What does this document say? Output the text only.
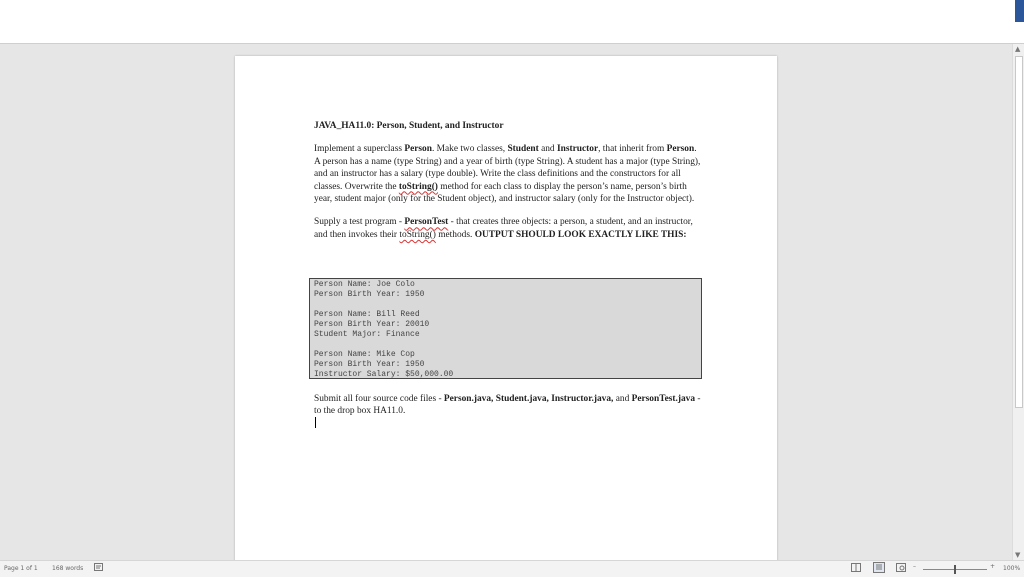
JAVA_HA11.0: Person, Student, and Instructor

Implement a superclass Person. Make two classes, Student and Instructor, that inherit from Person. A person has a name (type String) and a year of birth (type String). A student has a major (type String), and an instructor has a salary (type double). Write the class definitions and the constructors for all classes. Overwrite the toString() method for each class to display the person’s name, person’s birth year, student major (only for the Student object), and instructor salary (only for the Instructor object).

Supply a test program - PersonTest - that creates three objects: a person, a student, and an instructor, and then invokes their toString() methods. OUTPUT SHOULD LOOK EXACTLY LIKE THIS:

Person Name: Joe Colo
Person Birth Year: 1950
Person Name: Bill Reed
Person Birth Year: 20010
Student Major: Finance
Person Name: Mike Cop
Person Birth Year: 1950
Instructor Salary: $50,000.00
Submit all four source code files - Person.java, Student.java, Instructor.java, and PersonTest.java - to the drop box HA11.0.
▲
▼
Page 1 of 1 168 words	–	+ 100%
